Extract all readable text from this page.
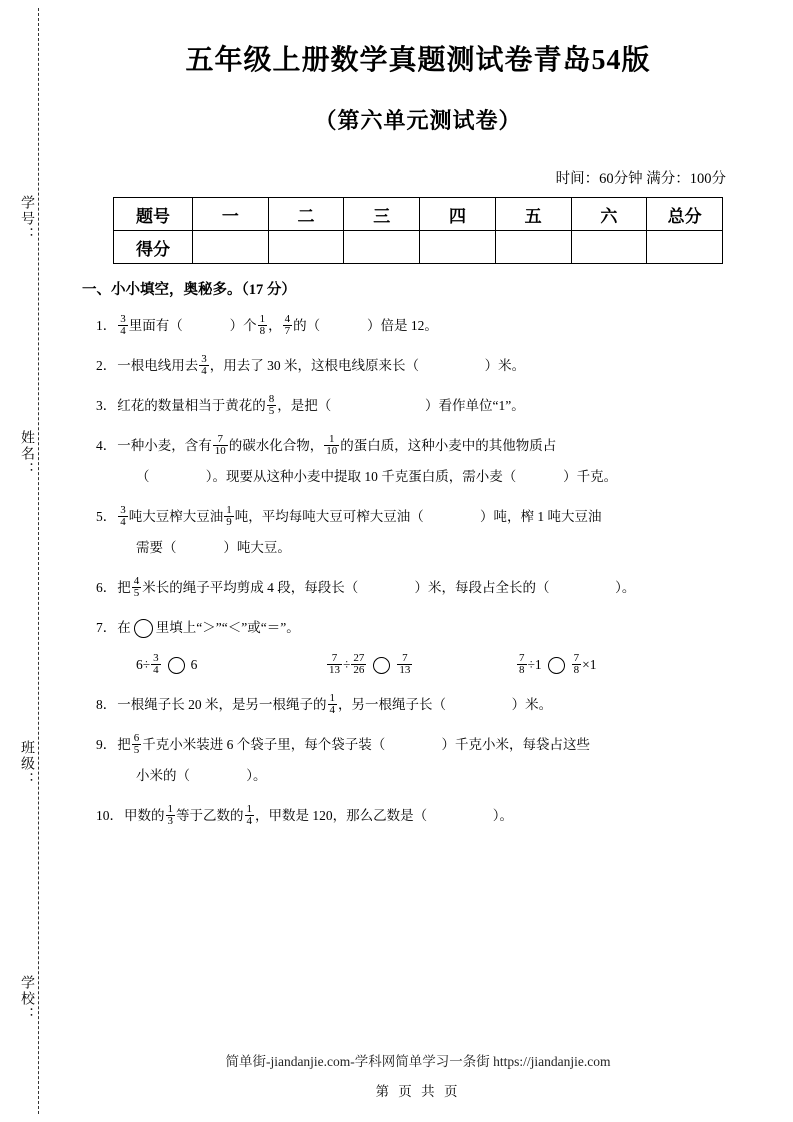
学号：
姓名：
班级：
学校：
五年级上册数学真题测试卷青岛54版
（第六单元测试卷）
时间：60分钟 满分：100分
题号	一	二	三	四	五	六	总分
得分							
一、小小填空，奥秘多。（17 分）
1． $\frac{3}{4}$ 里面有（	）个 $\frac{1}{8}$ ， $\frac{4}{7}$ 的（	）倍是 12。
2．一根电线用去 $\frac{3}{4}$ ，用去了 30 米，这根电线原来长（	）米。
3．红花的数量相当于黄花的 $\frac{8}{5}$ ，是把（	）看作单位“1”。
4．一种小麦，含有 $\frac{7}{10}$ 的碳水化合物， $\frac{1}{10}$ 的蛋白质，这种小麦中的其他物质占
（	）。现要从这种小麦中提取 10 千克蛋白质，需小麦（	）千克。
5． $\frac{3}{4}$ 吨大豆榨大豆油 $\frac{1}{9}$ 吨，平均每吨大豆可榨大豆油（	）吨，榨 1 吨大豆油
需要（	）吨大豆。
6．把 $\frac{4}{5}$ 米长的绳子平均剪成 4 段，每段长（	）米，每段占全长的（	）。
7．在 里填上“＞”“＜”或“＝”。
$6\div \frac{3}{4} 6$	$\frac{7}{13} \div \frac{27}{26}$	$\frac{7}{13}$	$\frac{7}{8} \div 1$	$\frac{7}{8} \times 1$
8．一根绳子长 20 米，是另一根绳子的 $\frac{1}{4}$ ，另一根绳子长（	）米。
9．把 $\frac{6}{5}$ 千克小米装进 6 个袋子里，每个袋子装（	）千克小米，每袋占这些
小米的（	）。
10．甲数的 $\frac{1}{3}$ 等于乙数的 $\frac{1}{4}$ ，甲数是 120，那么乙数是（	）。
简单街-jiandanjie.com-学科网简单学习一条街 https://jiandanjie.com
第 页 共 页
